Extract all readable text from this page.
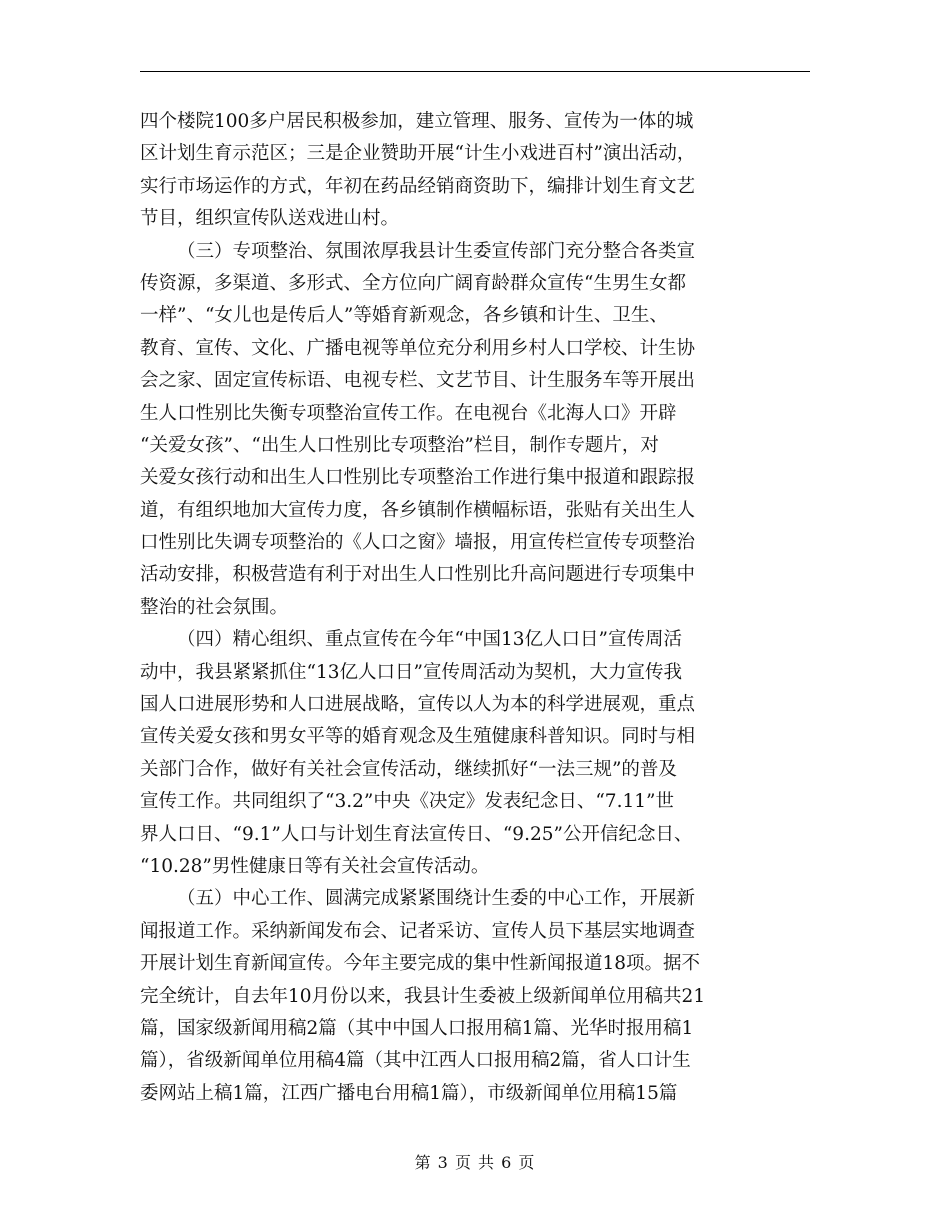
四个楼院100多户居民积极参加，建立管理、服务、宣传为一体的城
区计划生育示范区；三是企业赞助开展“计生小戏进百村”演出活动，
实行市场运作的方式，年初在药品经销商资助下，编排计划生育文艺
节目，组织宣传队送戏进山村。
（三）专项整治、氛围浓厚我县计生委宣传部门充分整合各类宣
传资源，多渠道、多形式、全方位向广阔育龄群众宣传“生男生女都
一样”、“女儿也是传后人”等婚育新观念，各乡镇和计生、卫生、
教育、宣传、文化、广播电视等单位充分利用乡村人口学校、计生协
会之家、固定宣传标语、电视专栏、文艺节目、计生服务车等开展出
生人口性别比失衡专项整治宣传工作。在电视台《北海人口》开辟
“关爱女孩”、“出生人口性别比专项整治”栏目，制作专题片，对
关爱女孩行动和出生人口性别比专项整治工作进行集中报道和跟踪报
道，有组织地加大宣传力度，各乡镇制作横幅标语，张贴有关出生人
口性别比失调专项整治的《人口之窗》墙报，用宣传栏宣传专项整治
活动安排，积极营造有利于对出生人口性别比升高问题进行专项集中
整治的社会氛围。
（四）精心组织、重点宣传在今年“中国13亿人口日”宣传周活
动中，我县紧紧抓住“13亿人口日”宣传周活动为契机，大力宣传我
国人口进展形势和人口进展战略，宣传以人为本的科学进展观，重点
宣传关爱女孩和男女平等的婚育观念及生殖健康科普知识。同时与相
关部门合作，做好有关社会宣传活动，继续抓好“一法三规”的普及
宣传工作。共同组织了“3.2”中央《决定》发表纪念日、“7.11”世
界人口日、“9.1”人口与计划生育法宣传日、“9.25”公开信纪念日、
“10.28”男性健康日等有关社会宣传活动。
（五）中心工作、圆满完成紧紧围绕计生委的中心工作，开展新
闻报道工作。采纳新闻发布会、记者采访、宣传人员下基层实地调查
开展计划生育新闻宣传。今年主要完成的集中性新闻报道18项。据不
完全统计，自去年10月份以来，我县计生委被上级新闻单位用稿共21
篇，国家级新闻用稿2篇（其中中国人口报用稿1篇、光华时报用稿1
篇），省级新闻单位用稿4篇（其中江西人口报用稿2篇，省人口计生
委网站上稿1篇，江西广播电台用稿1篇），市级新闻单位用稿15篇
第 3 页 共 6 页
